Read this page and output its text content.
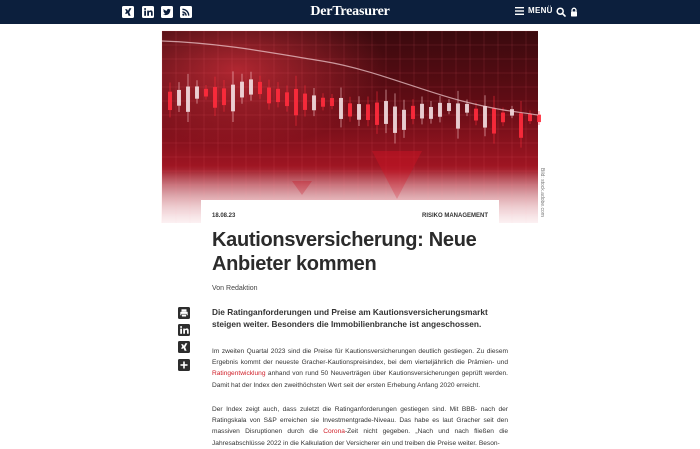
DerTreasurer	MENÜ
Bild: stock.adobe.com
18.08.23	RISIKO MANAGEMENT
Kautionsversicherung: Neue
Anbieter kommen
Von Redaktion

Die Ratinganforderungen und Preise am Kautionsversicherungsmarkt steigen weiter. Besonders die Immobilienbranche ist angeschossen.

Im zweiten Quartal 2023 sind die Preise für Kautionsversicherungen deutlich gestiegen. Zu diesem Ergebnis kommt der neueste Gracher-Kautionspreisindex, bei dem vierteljährlich die Prämien- und Ratingentwicklung anhand von rund 50 Neuverträgen über Kautionsversicherungen geprüft werden. Damit hat der Index den zweithöchsten Wert seit der ersten Erhebung Anfang 2020 erreicht.

Der Index zeigt auch, dass zuletzt die Ratinganforderungen gestiegen sind. Mit BBB- nach der Ratingskala von S&P erreichen sie Investmentgrade-Niveau. Das habe es laut Gracher seit den massiven Disruptionen durch die Corona-Zeit nicht gegeben. „Nach und nach fließen die Jahresabschlüsse 2022 in die Kalkulation der Versicherer ein und treiben die Preise weiter. Beson-
